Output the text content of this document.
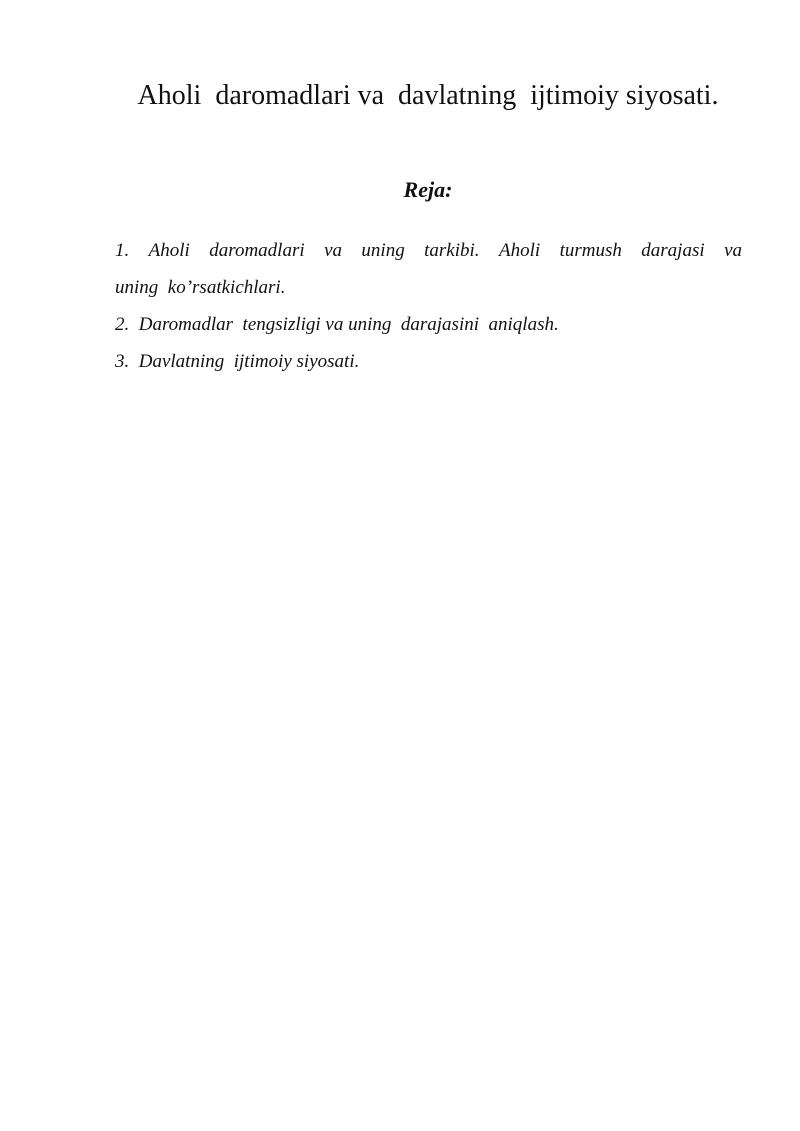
Aholi  daromadlari va  davlatning  ijtimoiy siyosati.
Reja:
1. Aholi daromadlari va uning tarkibi. Aholi turmush darajasi va
uning  ko’rsatkichlari.
2.  Daromadlar  tengsizligi va uning  darajasini  aniqlash.
3.  Davlatning  ijtimoiy siyosati.
